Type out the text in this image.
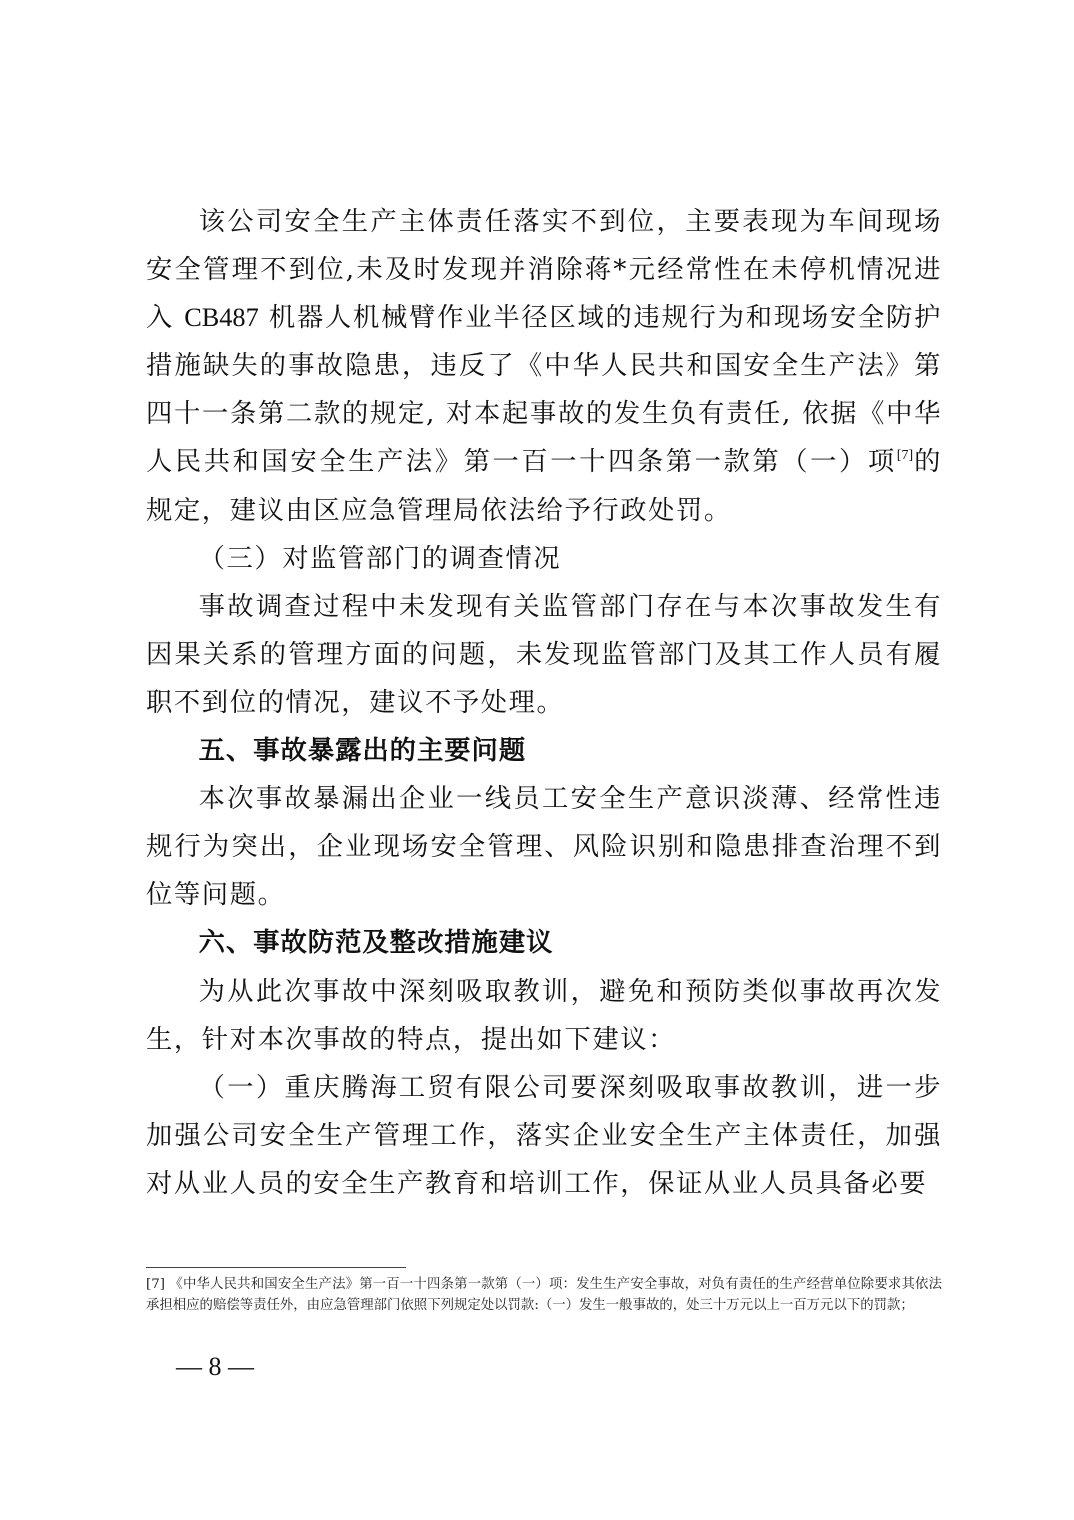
该公司安全生产主体责任落实不到位，主要表现为车间现场安全管理不到位,未及时发现并消除蒋*元经常性在未停机情况进入 CB487 机器人机械臂作业半径区域的违规行为和现场安全防护措施缺失的事故隐患，违反了《中华人民共和国安全生产法》第四十一条第二款的规定, 对本起事故的发生负有责任, 依据《中华人民共和国安全生产法》第一百一十四条第一款第（一）项[7]的规定，建议由区应急管理局依法给予行政处罚。

（三）对监管部门的调查情况

事故调查过程中未发现有关监管部门存在与本次事故发生有因果关系的管理方面的问题，未发现监管部门及其工作人员有履职不到位的情况，建议不予处理。

五、事故暴露出的主要问题

本次事故暴漏出企业一线员工安全生产意识淡薄、经常性违规行为突出，企业现场安全管理、风险识别和隐患排查治理不到位等问题。

六、事故防范及整改措施建议

为从此次事故中深刻吸取教训，避免和预防类似事故再次发生，针对本次事故的特点，提出如下建议：

（一）重庆腾海工贸有限公司要深刻吸取事故教训，进一步加强公司安全生产管理工作，落实企业安全生产主体责任，加强对从业人员的安全生产教育和培训工作，保证从业人员具备必要

[7] 《中华人民共和国安全生产法》第一百一十四条第一款第（一）项：发生生产安全事故，对负有责任的生产经营单位除要求其依法承担相应的赔偿等责任外，由应急管理部门依照下列规定处以罚款:（一）发生一般事故的，处三十万元以上一百万元以下的罚款；

— 8 —
